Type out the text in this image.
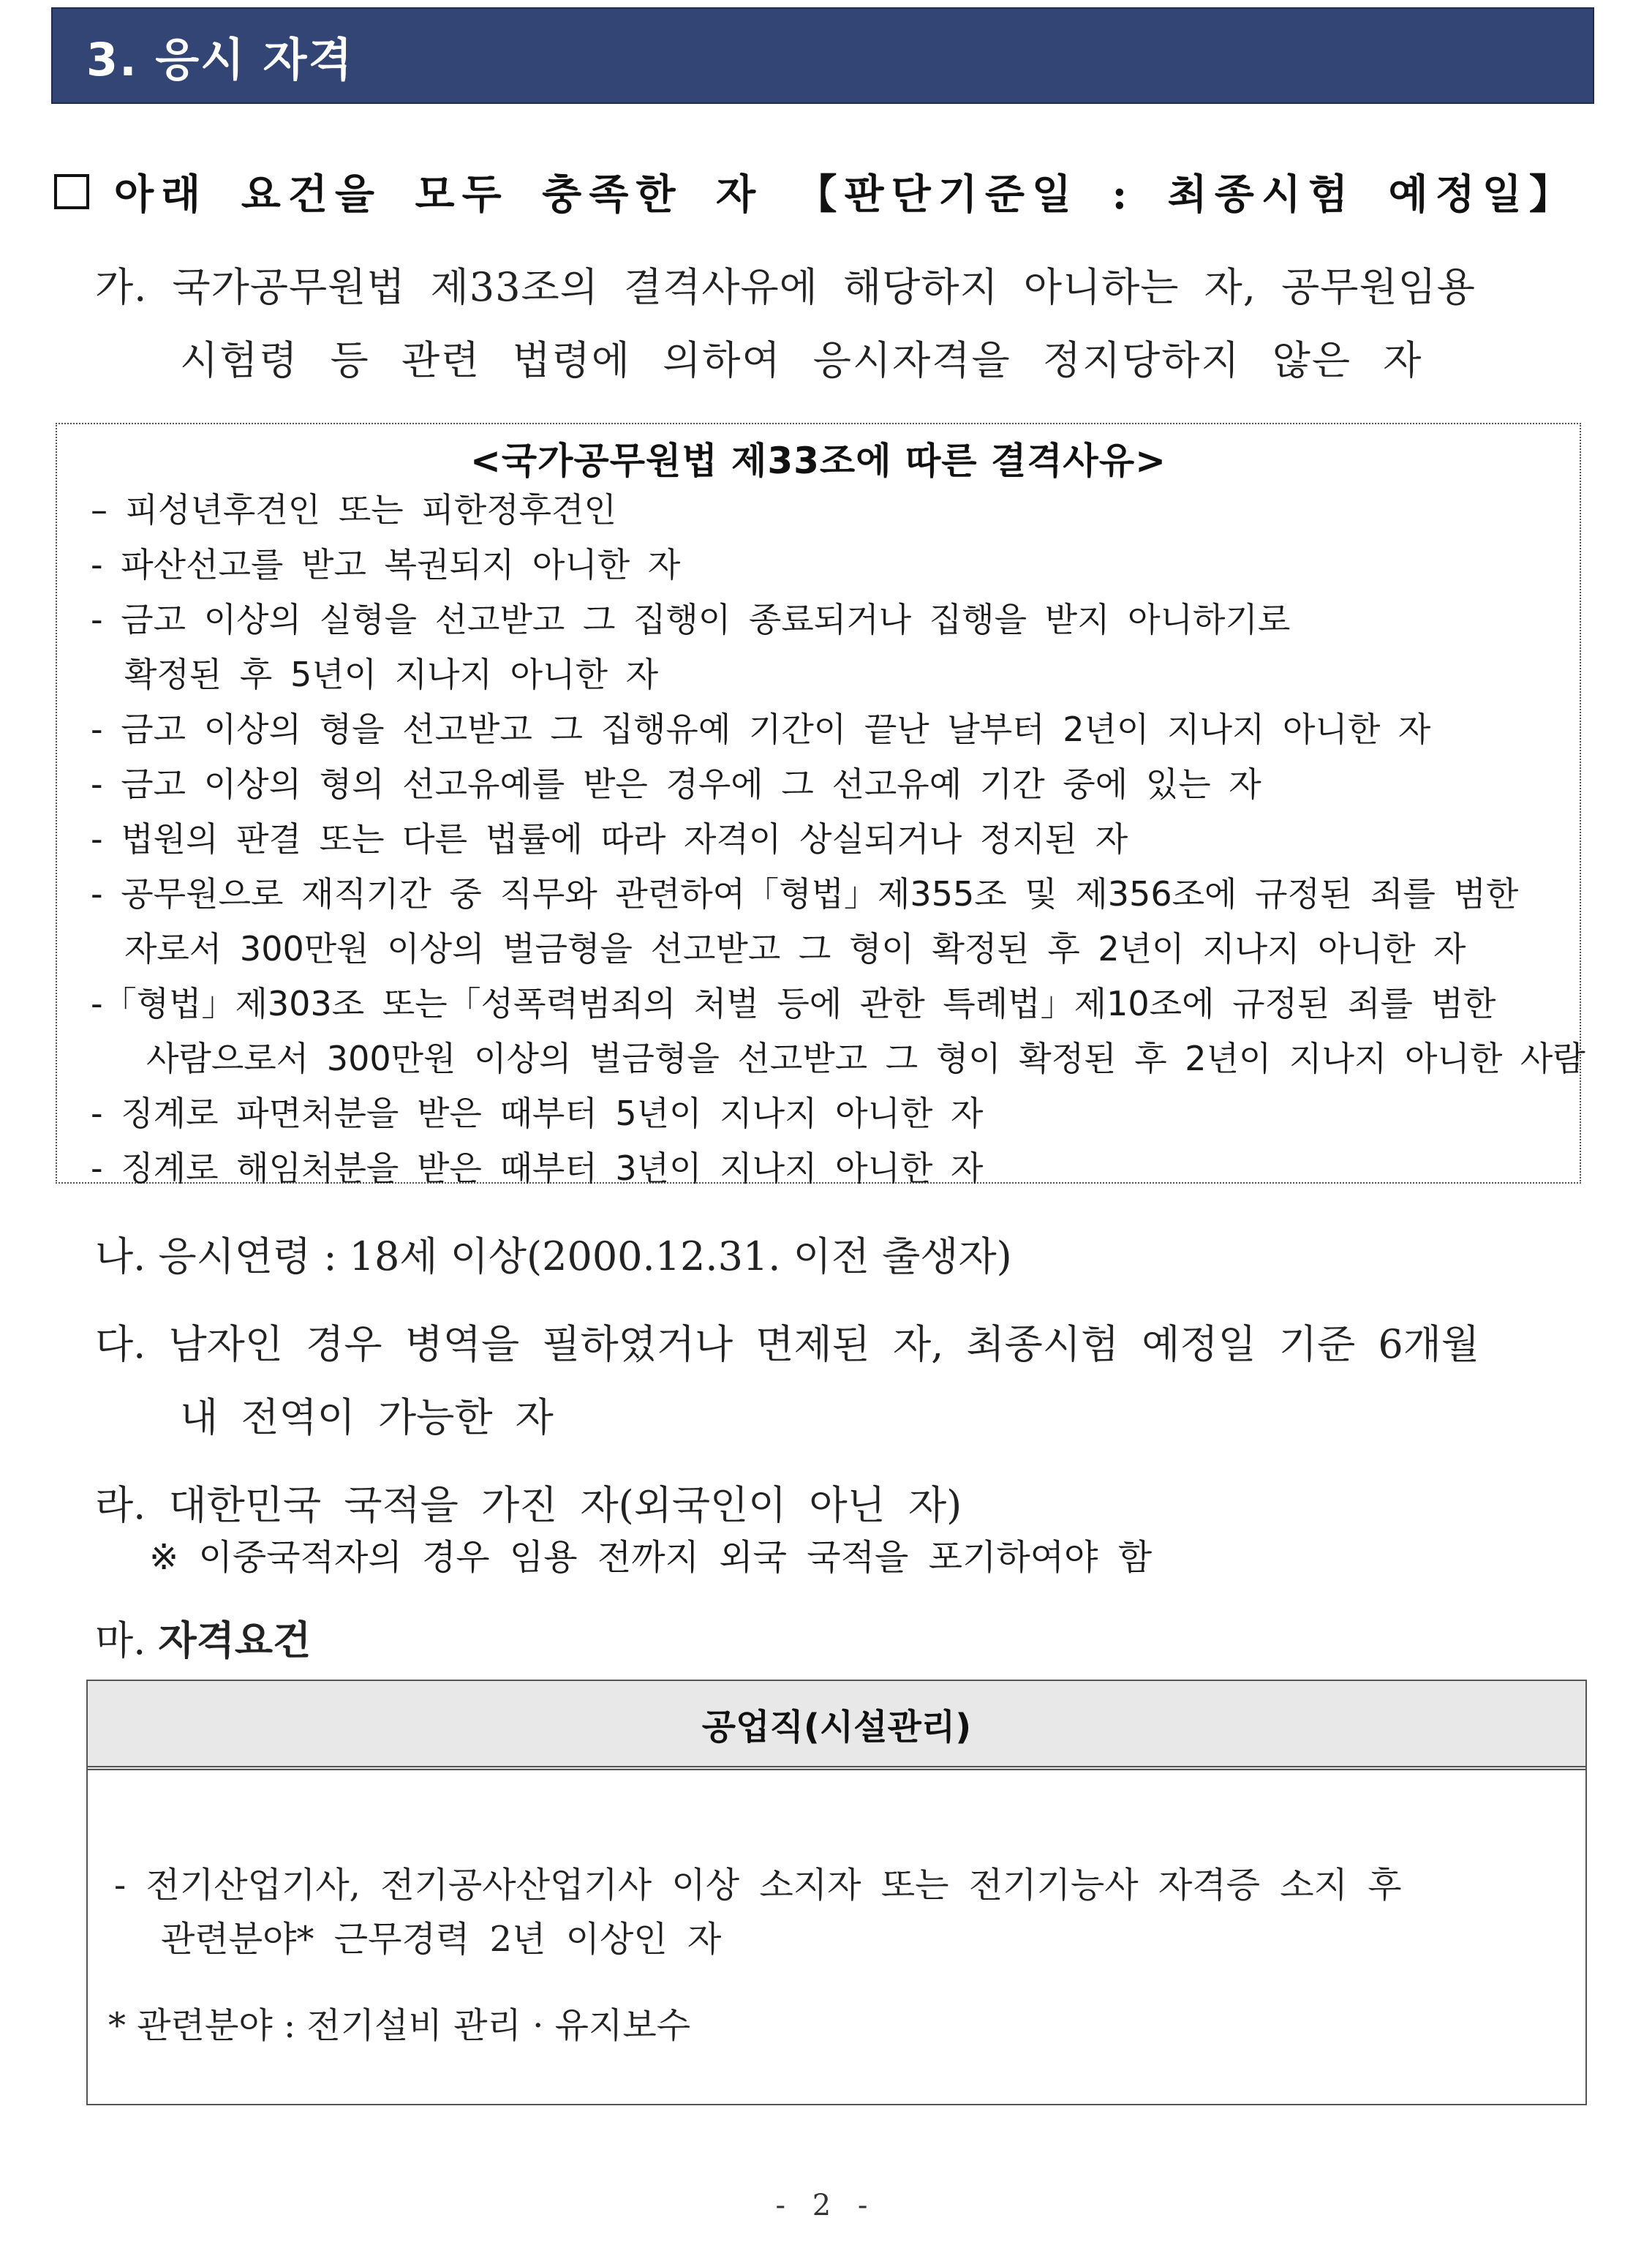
3. 응시 자격
아래 요건을 모두 충족한 자 【판단기준일 : 최종시험 예정일】
가. 국가공무원법 제33조의 결격사유에 해당하지 아니하는 자, 공무원임용
시험령 등 관련 법령에 의하여 응시자격을 정지당하지 않은 자
<국가공무원법 제33조에 따른 결격사유>
– 피성년후견인 또는 피한정후견인
- 파산선고를 받고 복권되지 아니한 자
- 금고 이상의 실형을 선고받고 그 집행이 종료되거나 집행을 받지 아니하기로
확정된 후 5년이 지나지 아니한 자
- 금고 이상의 형을 선고받고 그 집행유예 기간이 끝난 날부터 2년이 지나지 아니한 자
- 금고 이상의 형의 선고유예를 받은 경우에 그 선고유예 기간 중에 있는 자
- 법원의 판결 또는 다른 법률에 따라 자격이 상실되거나 정지된 자
- 공무원으로 재직기간 중 직무와 관련하여「형법」제355조 및 제356조에 규정된 죄를 범한
자로서 300만원 이상의 벌금형을 선고받고 그 형이 확정된 후 2년이 지나지 아니한 자
-「형법」제303조 또는「성폭력범죄의 처벌 등에 관한 특례법」제10조에 규정된 죄를 범한
사람으로서 300만원 이상의 벌금형을 선고받고 그 형이 확정된 후 2년이 지나지 아니한 사람
- 징계로 파면처분을 받은 때부터 5년이 지나지 아니한 자
- 징계로 해임처분을 받은 때부터 3년이 지나지 아니한 자
나. 응시연령 : 18세 이상(2000.12.31. 이전 출생자)
다. 남자인 경우 병역을 필하였거나 면제된 자, 최종시험 예정일 기준 6개월
내 전역이 가능한 자
라. 대한민국 국적을 가진 자(외국인이 아닌 자)
※ 이중국적자의 경우 임용 전까지 외국 국적을 포기하여야 함
마. 자격요건
공업직(시설관리)
- 전기산업기사, 전기공사산업기사 이상 소지자 또는 전기기능사 자격증 소지 후
관련분야* 근무경력 2년 이상인 자
* 관련분야 : 전기설비 관리 · 유지보수
- 2 -
